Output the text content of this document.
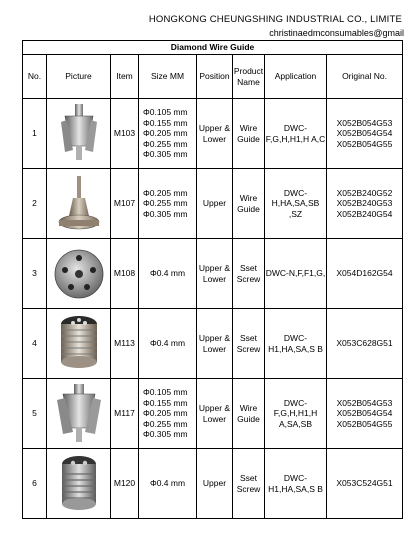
HONGKONG CHEUNGSHING INDUSTRIAL CO., LIMITE
christinaedmconsumables@gmail
Diamond Wire Guide							
No.	Picture	Item	Size MM	Position	Product Name	Application	Original No.
1		M103	Φ0.105 mm
Φ0.155 mm
Φ0.205 mm
Φ0.255 mm
Φ0.305 mm	Upper & Lower	Wire Guide	DWC-F,G,H,H1,H A,C	X052B054G53
X052B054G54
X052B054G55

2		M107	Φ0.205 mm
Φ0.255 mm
Φ0.305 mm	Upper	Wire Guide	DWC-H,HA,SA,SB ,SZ	X052B240G52
X052B240G53
X052B240G54

3		M108	Φ0.4 mm	Upper & Lower	Sset Screw	DWC-N,F,F1,G,	X054D162G54

4		M113	Φ0.4 mm	Upper & Lower	Sset Screw	DWC-H1,HA,SA,S B	X053C628G51

5		M117	Φ0.105 mm
Φ0.155 mm
Φ0.205 mm
Φ0.255 mm
Φ0.305 mm	Upper & Lower	Wire Guide	DWC-F,G,H,H1,H A,SA,SB	X052B054G53
X052B054G54
X052B054G55

6		M120	Φ0.4 mm	Upper	Sset Screw	DWC-H1,HA,SA,S B	X053C524G51
